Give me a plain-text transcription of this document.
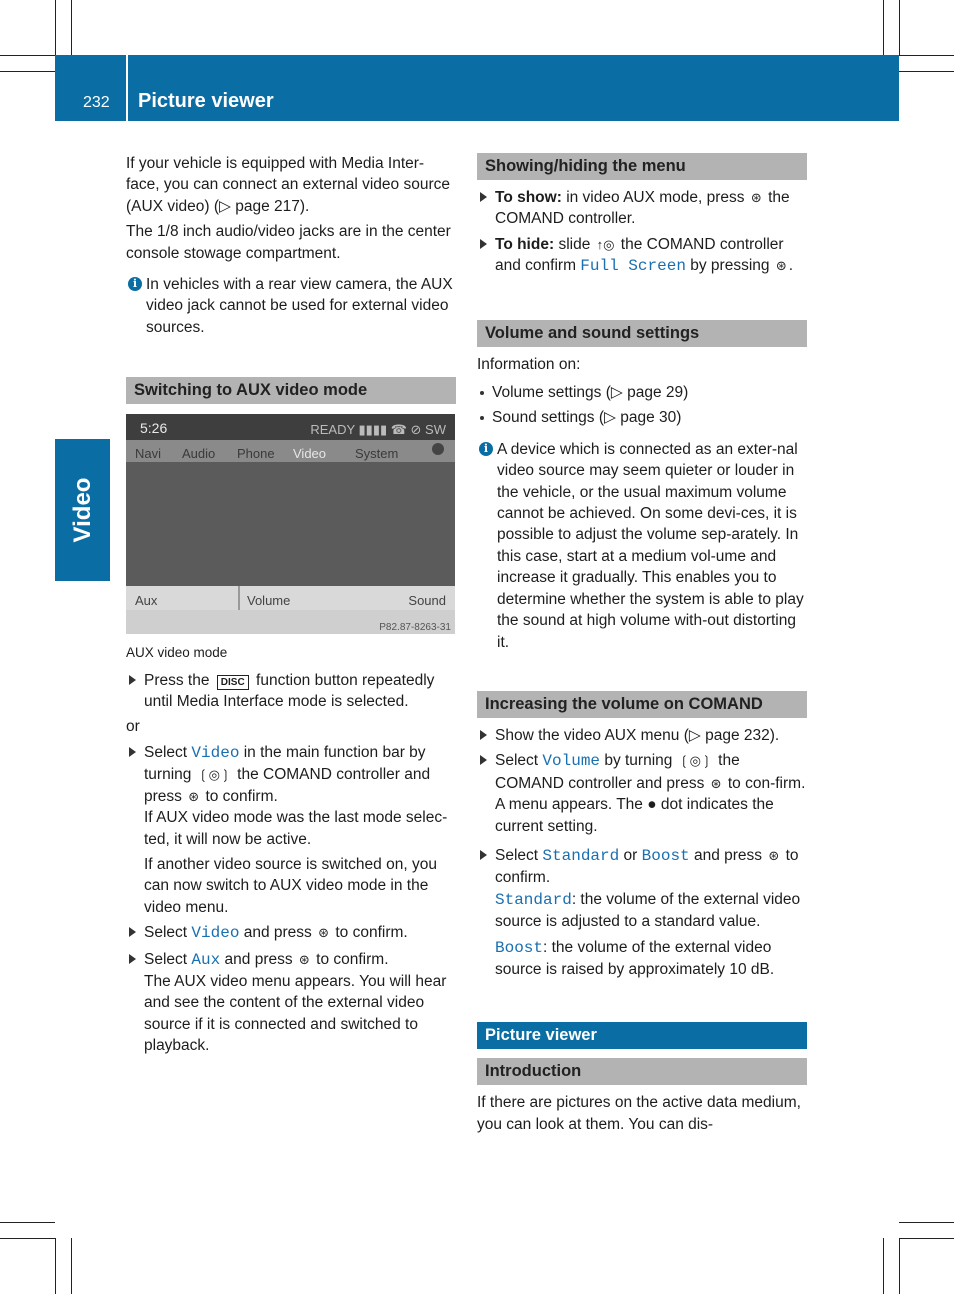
232 Picture viewer
Video

If your vehicle is equipped with Media Inter-face, you can connect an external video source (AUX video) (▷ page 217).

The 1/8 inch audio/video jacks are in the center console stowage compartment.

i In vehicles with a rear view camera, the AUX video jack cannot be used for external video sources.

Switching to AUX video mode
5:26	READY ▮▮▮▮ ☎ ⊘ SW
Navi Audio Phone Video System
Aux	Volume	Sound
P82.87-8263-31

AUX video mode

Press the DISC function button repeatedly until Media Interface mode is selected.

or

Select Video in the main function bar by turning ❲◎❳ the COMAND controller and press ⊛ to confirm.

If AUX video mode was the last mode selec-ted, it will now be active.

If another video source is switched on, you can now switch to AUX video mode in the video menu.

Select Video and press ⊛ to confirm.

Select Aux and press ⊛ to confirm.

The AUX video menu appears. You will hear and see the content of the external video source if it is connected and switched to playback.

Showing/hiding the menu

To show: in video AUX mode, press ⊛ the COMAND controller.

To hide: slide ↑◎ the COMAND controller and confirm Full Screen by pressing ⊛ .

Volume and sound settings

Information on:

Volume settings (▷ page 29)

Sound settings (▷ page 30)

i A device which is connected as an exter-nal video source may seem quieter or louder in the vehicle, or the usual maximum volume cannot be achieved. On some devi-ces, it is possible to adjust the volume sep-arately. In this case, start at a medium vol-ume and increase it gradually. This enables you to determine whether the system is able to play the sound at high volume with-out distorting it.

Increasing the volume on COMAND

Show the video AUX menu (▷ page 232).

Select Volume by turning ❲◎❳ the COMAND controller and press ⊛ to con-firm.

A menu appears. The ● dot indicates the current setting.

Select Standard or Boost and press ⊛ to confirm.

Standard: the volume of the external video source is adjusted to a standard value.

Boost: the volume of the external video source is raised by approximately 10 dB.

Picture viewer
Introduction

If there are pictures on the active data medium, you can look at them. You can dis-
